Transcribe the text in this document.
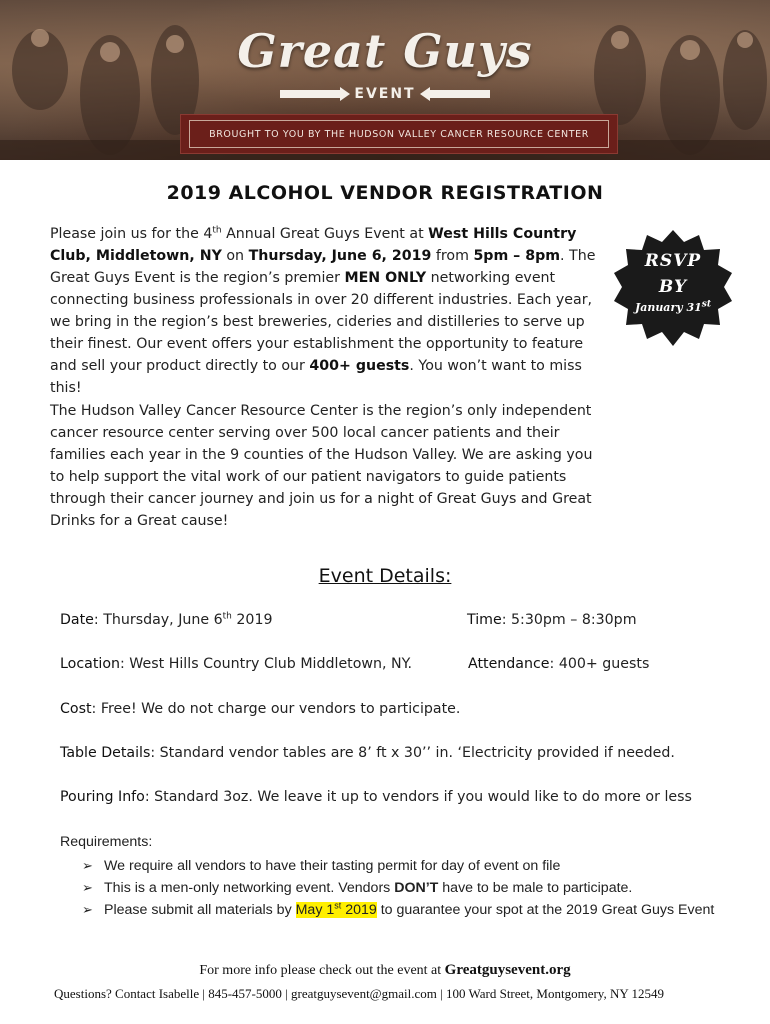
Great Guys
EVENT
BROUGHT TO YOU BY THE HUDSON VALLEY CANCER RESOURCE CENTER
2019 ALCOHOL VENDOR REGISTRATION

Please join us for the 4th Annual Great Guys Event at West Hills Country Club, Middletown, NY on Thursday, June 6, 2019 from 5pm – 8pm. The Great Guys Event is the region’s premier MEN ONLY networking event connecting business professionals in over 20 different industries. Each year, we bring in the region’s best breweries, cideries and distilleries to serve up their finest. Our event offers your establishment the opportunity to feature and sell your product directly to our 400+ guests. You won’t want to miss this!

RSVP
BY
January 31st

The Hudson Valley Cancer Resource Center is the region’s only independent cancer resource center serving over 500 local cancer patients and their families each year in the 9 counties of the Hudson Valley. We are asking you to help support the vital work of our patient navigators to guide patients through their cancer journey and join us for a night of Great Guys and Great Drinks for a Great cause!

Event Details:
Date: Thursday, June 6th 2019	Time: 5:30pm – 8:30pm
Location: West Hills Country Club Middletown, NY.	Attendance: 400+ guests
Cost: Free! We do not charge our vendors to participate.
Table Details: Standard vendor tables are 8’ ft x 30’’ in. ‘Electricity provided if needed.
Pouring Info: Standard 3oz. We leave it up to vendors if you would like to do more or less
Requirements:
➢ We require all vendors to have their tasting permit for day of event on file
➢ This is a men-only networking event. Vendors DON’T have to be male to participate.
➢ Please submit all materials by May 1st 2019 to guarantee your spot at the 2019 Great Guys Event
For more info please check out the event at Greatguysevent.org
Questions? Contact Isabelle | 845-457-5000 | greatguysevent@gmail.com | 100 Ward Street, Montgomery, NY 12549
